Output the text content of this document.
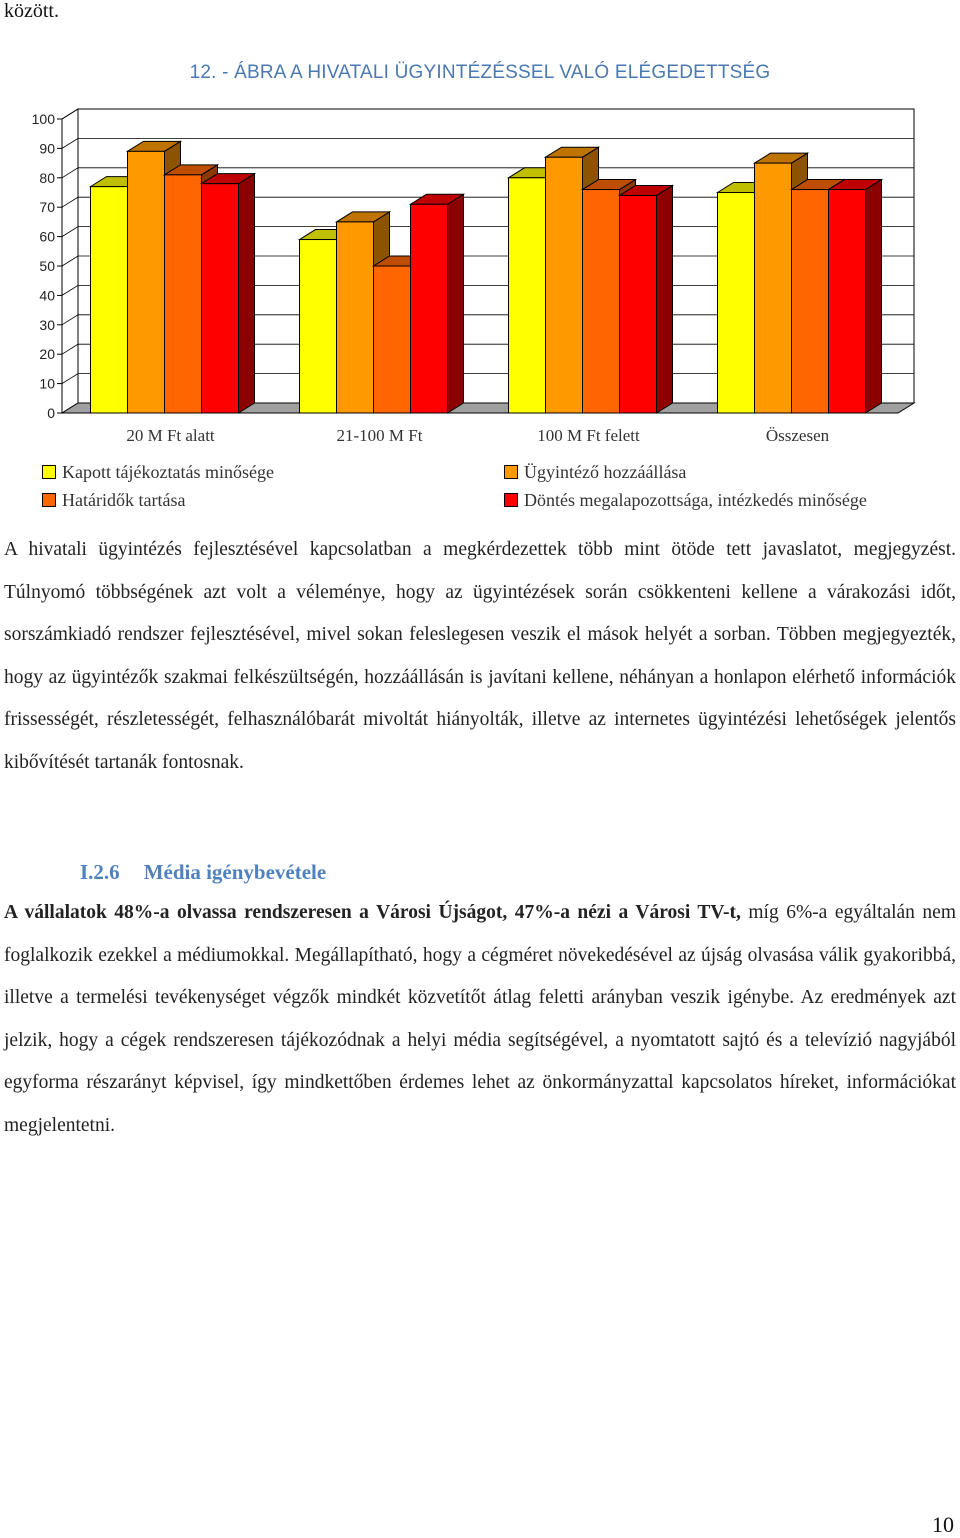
között.
12. - ÁBRA A HIVATALI ÜGYINTÉZÉSSEL VALÓ ELÉGEDETTSÉG
0
10
20
30
40
50
60
70
80
90
100
20 M Ft alatt	21-100 M Ft	100 M Ft felett	Összesen
Kapott tájékoztatás minősége	Ügyintéző hozzáállása
Határidők tartása	Döntés megalapozottsága, intézkedés minősége
A hivatali ügyintézés fejlesztésével kapcsolatban a megkérdezettek több mint ötöde tett javaslatot, megjegyzést. Túlnyomó többségének azt volt a véleménye, hogy az ügyintézések során csökkenteni kellene a várakozási időt, sorszámkiadó rendszer fejlesztésével, mivel sokan feleslegesen veszik el mások helyét a sorban. Többen megjegyezték, hogy az ügyintézők szakmai felkészültségén, hozzáállásán is javítani kellene, néhányan a honlapon elérhető információk frissességét, részletességét, felhasználóbarát mivoltát hiányolták, illetve az internetes ügyintézési lehetőségek jelentős kibővítését tartanák fontosnak.
I.2.6 Média igénybevétele
A vállalatok 48%-a olvassa rendszeresen a Városi Újságot, 47%-a nézi a Városi TV-t, míg 6%-a egyáltalán nem foglalkozik ezekkel a médiumokkal. Megállapítható, hogy a cégméret növekedésével az újság olvasása válik gyakoribbá, illetve a termelési tevékenységet végzők mindkét közvetítőt átlag feletti arányban veszik igénybe. Az eredmények azt jelzik, hogy a cégek rendszeresen tájékozódnak a helyi média segítségével, a nyomtatott sajtó és a televízió nagyjából egyforma részarányt képvisel, így mindkettőben érdemes lehet az önkormányzattal kapcsolatos híreket, információkat megjelentetni.
10
